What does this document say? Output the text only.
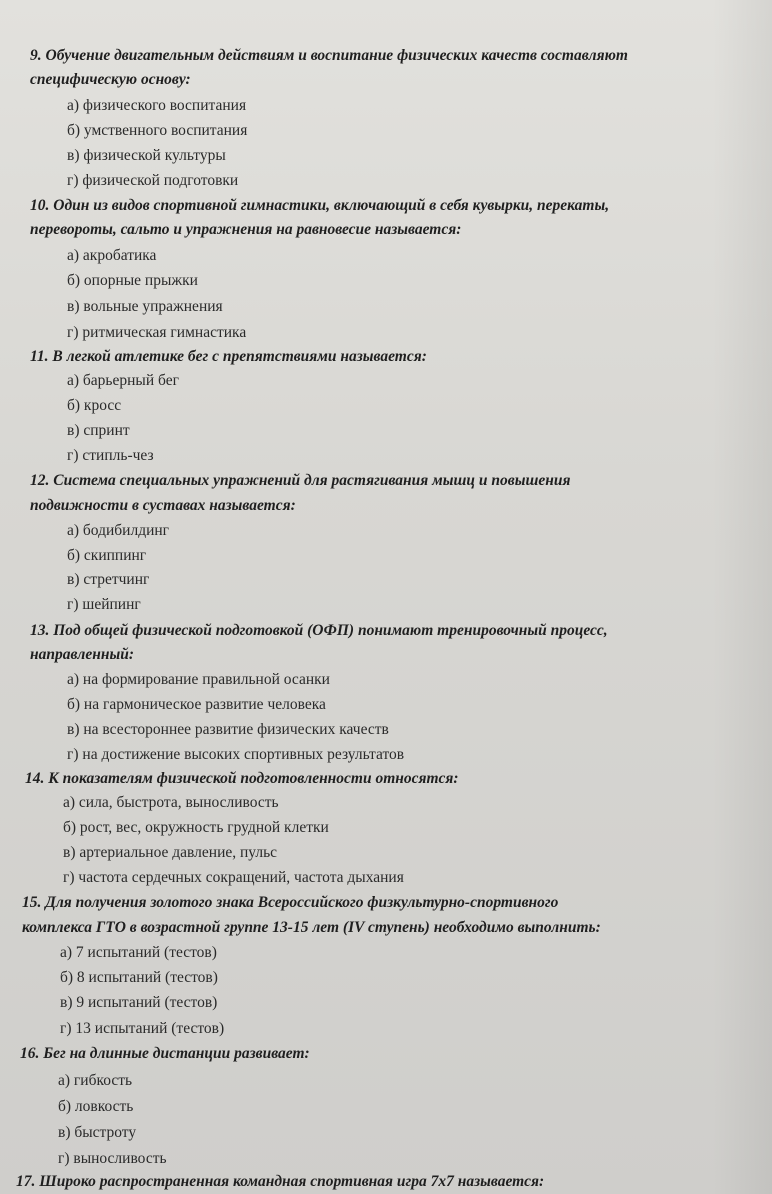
9. Обучение двигательным действиям и воспитание физических качеств составляют

специфическую основу:

а) физического воспитания

б) умственного воспитания

в) физической культуры

г) физической подготовки

10. Один из видов спортивной гимнастики, включающий в себя кувырки, перекаты,

перевороты, сальто и упражнения на равновесие называется:

а) акробатика

б) опорные прыжки

в) вольные упражнения

г) ритмическая гимнастика

11. В легкой атлетике бег с препятствиями называется:

а) барьерный бег

б) кросс

в) спринт

г) стипль-чез

12. Система специальных упражнений для растягивания мышц и повышения

подвижности в суставах называется:

а) бодибилдинг

б) скиппинг

в) стретчинг

г) шейпинг

13. Под общей физической подготовкой (ОФП) понимают тренировочный процесс,

направленный:

а) на формирование правильной осанки

б) на гармоническое развитие человека

в) на всестороннее развитие физических качеств

г) на достижение высоких спортивных результатов

14. К показателям физической подготовленности относятся:

а) сила, быстрота, выносливость

б) рост, вес, окружность грудной клетки

в) артериальное давление, пульс

г) частота сердечных сокращений, частота дыхания

15. Для получения золотого знака Всероссийского физкультурно-спортивного

комплекса ГТО в возрастной группе 13-15 лет (IV ступень) необходимо выполнить:

а) 7 испытаний (тестов)

б) 8 испытаний (тестов)

в) 9 испытаний (тестов)

г) 13 испытаний (тестов)

16. Бег на длинные дистанции развивает:

а) гибкость

б) ловкость

в) быстроту

г) выносливость

17. Широко распространенная командная спортивная игра 7х7 называется:
